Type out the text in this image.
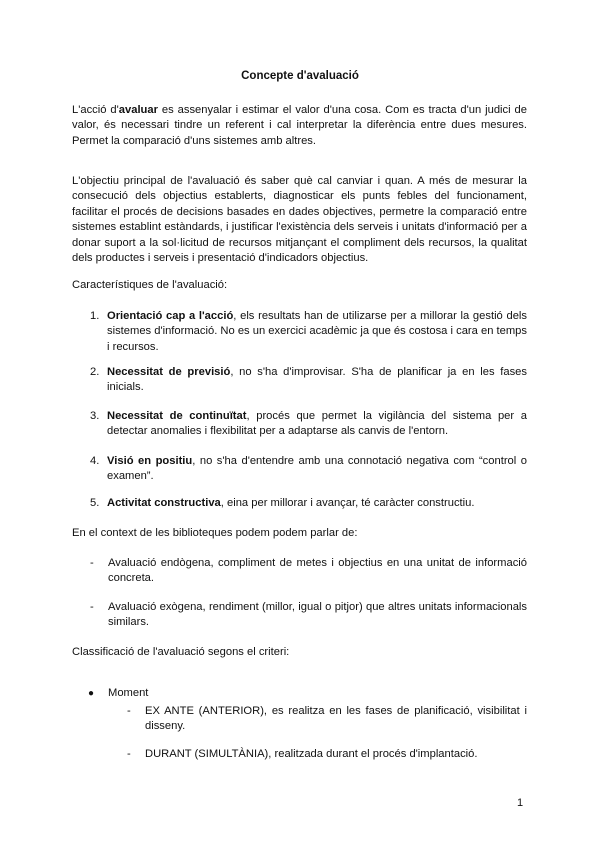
Concepte d'avaluació
L'acció d'avaluar es assenyalar i estimar el valor d'una cosa. Com es tracta d'un judici de valor, és necessari tindre un referent i cal interpretar la diferència entre dues mesures. Permet la comparació d'uns sistemes amb altres.
L'objectiu principal de l'avaluació és saber què cal canviar i quan. A més de mesurar la consecució dels objectius establerts, diagnosticar els punts febles del funcionament, facilitar el procés de decisions basades en dades objectives, permetre la comparació entre sistemes establint estàndards, i justificar l'existència dels serveis i unitats d'informació per a donar suport a la sol·licitud de recursos mitjançant el compliment dels recursos, la qualitat dels productes i serveis i presentació d'indicadors objectius.
Característiques de l'avaluació:
1. Orientació cap a l'acció, els resultats han de utilizarse per a millorar la gestió dels sistemes d'informació. No es un exercici acadèmic ja que és costosa i cara en temps i recursos.
2. Necessitat de previsió, no s'ha d'improvisar. S'ha de planificar ja en les fases inicials.
3. Necessitat de continuïtat, procés que permet la vigilància del sistema per a detectar anomalies i flexibilitat per a adaptarse als canvis de l'entorn.
4. Visió en positiu, no s'ha d'entendre amb una connotació negativa com “control o examen”.
5. Activitat constructiva, eina per millorar i avançar, té caràcter constructiu.
En el context de les biblioteques podem podem parlar de:
- Avaluació endògena, compliment de metes i objectius en una unitat de informació concreta.
- Avaluació exògena, rendiment (millor, igual o pitjor) que altres unitats informacionals similars.
Classificació de l'avaluació segons el criteri:
● Moment
- EX ANTE (ANTERIOR), es realitza en les fases de planificació, visibilitat i disseny.
- DURANT (SIMULTÀNIA), realitzada durant el procés d'implantació.
1
